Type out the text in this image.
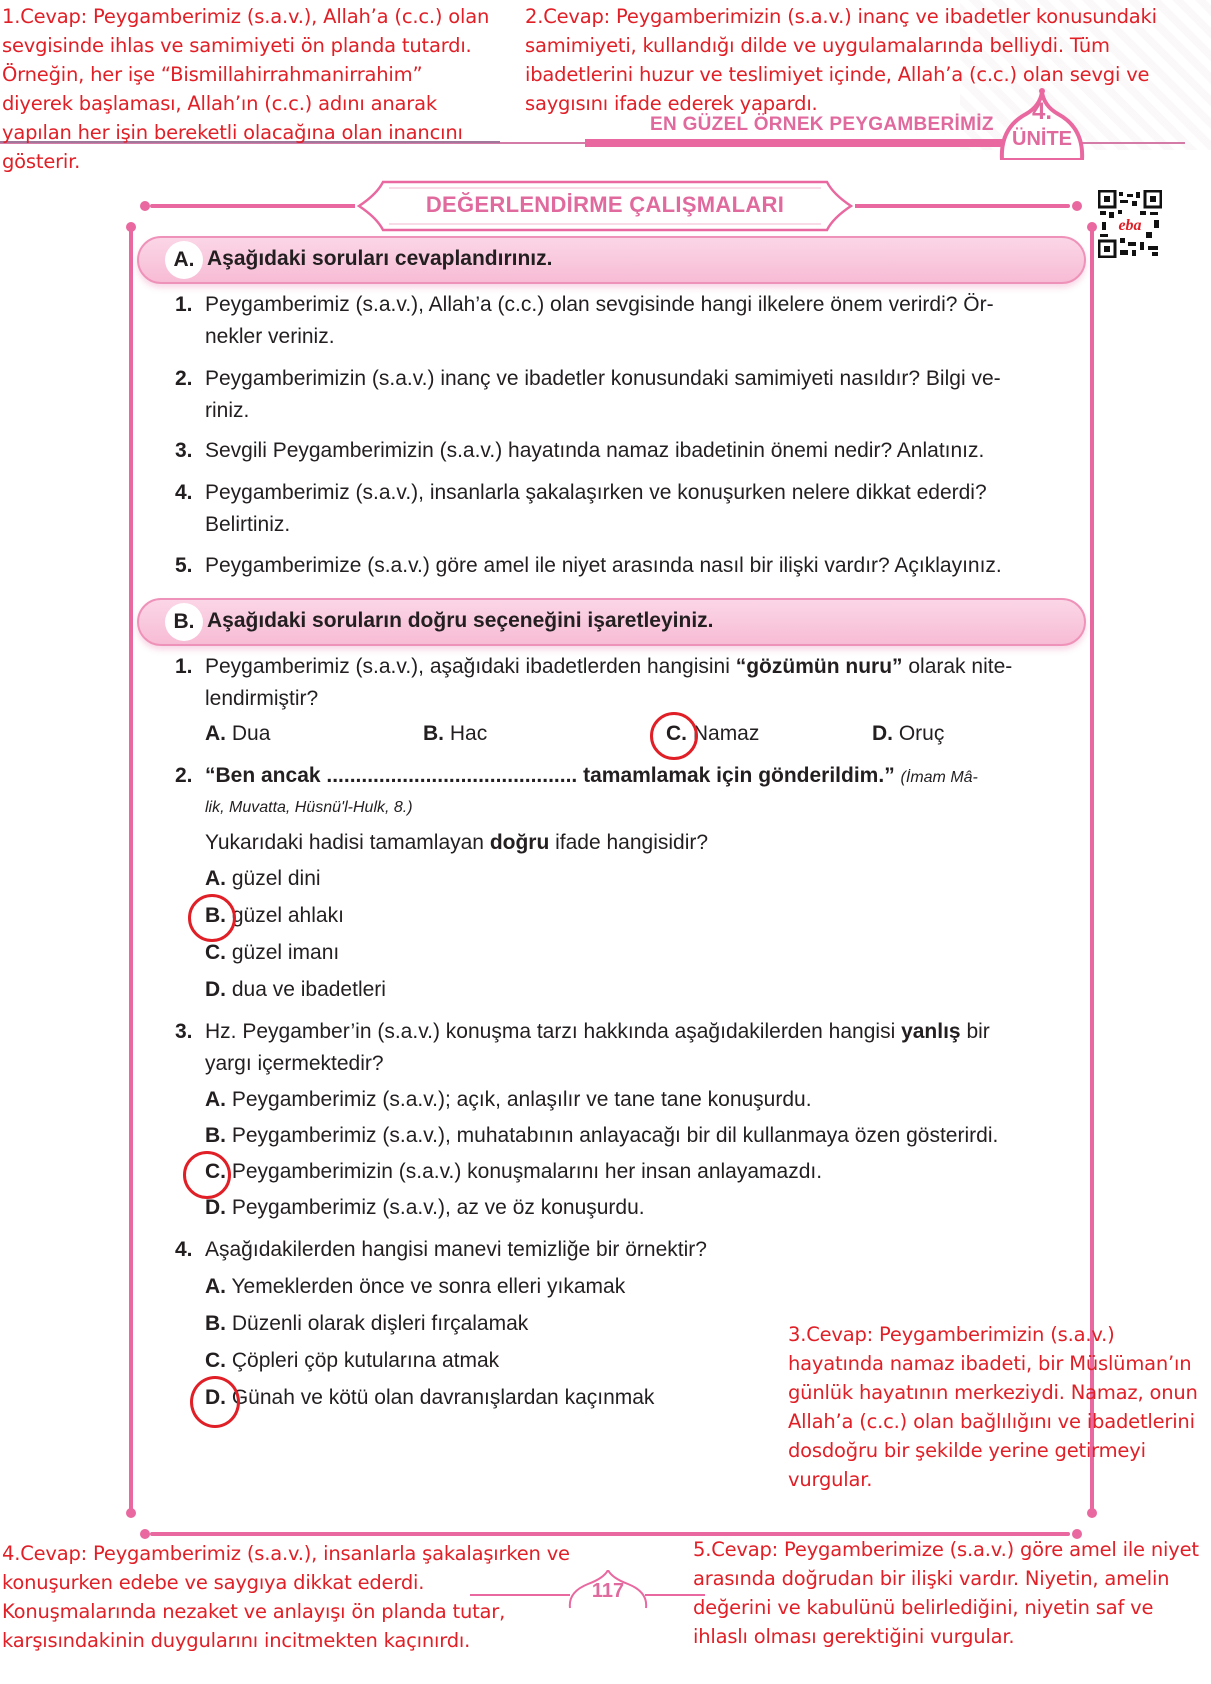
EN GÜZEL ÖRNEK PEYGAMBERİMİZ	4.
ÜNİTE
DEĞERLENDİRME ÇALIŞMALARI
eba
A. Aşağıdaki soruları cevaplandırınız.
1. Peygamberimiz (s.a.v.), Allah’a (c.c.) olan sevgisinde hangi ilkelere önem verirdi? Ör-
nekler veriniz.
2. Peygamberimizin (s.a.v.) inanç ve ibadetler konusundaki samimiyeti nasıldır? Bilgi ve-
riniz.
3. Sevgili Peygamberimizin (s.a.v.) hayatında namaz ibadetinin önemi nedir? Anlatınız.
4. Peygamberimiz (s.a.v.), insanlarla şakalaşırken ve konuşurken nelere dikkat ederdi?
Belirtiniz.
5. Peygamberimize (s.a.v.) göre amel ile niyet arasında nasıl bir ilişki vardır? Açıklayınız.
B. Aşağıdaki soruların doğru seçeneğini işaretleyiniz.
1. Peygamberimiz (s.a.v.), aşağıdaki ibadetlerden hangisini “gözümün nuru” olarak nite-
lendirmiştir?
A. Dua	B. Hac	C. Namaz	D. Oruç
2. “Ben ancak ........................................... tamamlamak için gönderildim.” (İmam Mâ-
lik, Muvatta, Hüsnü'l-Hulk, 8.)
Yukarıdaki hadisi tamamlayan doğru ifade hangisidir?
A. güzel dini
B. güzel ahlakı
C. güzel imanı
D. dua ve ibadetleri
3. Hz. Peygamber’in (s.a.v.) konuşma tarzı hakkında aşağıdakilerden hangisi yanlış bir
yargı içermektedir?
A. Peygamberimiz (s.a.v.); açık, anlaşılır ve tane tane konuşurdu.
B. Peygamberimiz (s.a.v.), muhatabının anlayacağı bir dil kullanmaya özen gösterirdi.
C. Peygamberimizin (s.a.v.) konuşmalarını her insan anlayamazdı.
D. Peygamberimiz (s.a.v.), az ve öz konuşurdu.
4. Aşağıdakilerden hangisi manevi temizliğe bir örnektir?
A. Yemeklerden önce ve sonra elleri yıkamak
B. Düzenli olarak dişleri fırçalamak
C. Çöpleri çöp kutularına atmak
D. Günah ve kötü olan davranışlardan kaçınmak
117
1.Cevap: Peygamberimiz (s.a.v.), Allah’a (c.c.) olan
sevgisinde ihlas ve samimiyeti ön planda tutardı.
Örneğin, her işe “Bismillahirrahmanirrahim”
diyerek başlaması, Allah’ın (c.c.) adını anarak
yapılan her işin bereketli olacağına olan inancını
gösterir.
2.Cevap: Peygamberimizin (s.a.v.) inanç ve ibadetler konusundaki
samimiyeti, kullandığı dilde ve uygulamalarında belliydi. Tüm
ibadetlerini huzur ve teslimiyet içinde, Allah’a (c.c.) olan sevgi ve
saygısını ifade ederek yapardı.
3.Cevap: Peygamberimizin (s.a.v.)
hayatında namaz ibadeti, bir Müslüman’ın
günlük hayatının merkeziydi. Namaz, onun
Allah’a (c.c.) olan bağlılığını ve ibadetlerini
dosdoğru bir şekilde yerine getirmeyi
vurgular.
4.Cevap: Peygamberimiz (s.a.v.), insanlarla şakalaşırken ve
konuşurken edebe ve saygıya dikkat ederdi.
Konuşmalarında nezaket ve anlayışı ön planda tutar,
karşısındakinin duygularını incitmekten kaçınırdı.
5.Cevap: Peygamberimize (s.a.v.) göre amel ile niyet
arasında doğrudan bir ilişki vardır. Niyetin, amelin
değerini ve kabulünü belirlediğini, niyetin saf ve
ihlaslı olması gerektiğini vurgular.
